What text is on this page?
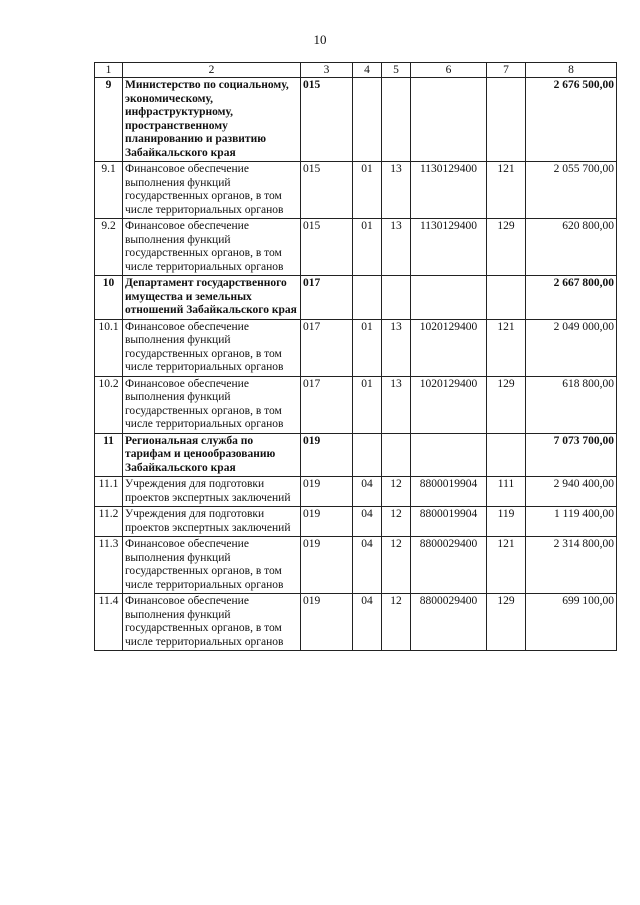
10
1	2	3	4	5	6	7	8
9	Министерство по социальному, экономическому, инфраструктурному, пространственному планированию и развитию Забайкальского края	015					2 676 500,00
9.1	Финансовое обеспечение выполнения функций государственных органов, в том числе территориальных органов	015	01	13	1130129400	121	2 055 700,00
9.2	Финансовое обеспечение выполнения функций государственных органов, в том числе территориальных органов	015	01	13	1130129400	129	620 800,00
10	Департамент государственного имущества и земельных отношений Забайкальского края	017					2 667 800,00
10.1	Финансовое обеспечение выполнения функций государственных органов, в том числе территориальных органов	017	01	13	1020129400	121	2 049 000,00
10.2	Финансовое обеспечение выполнения функций государственных органов, в том числе территориальных органов	017	01	13	1020129400	129	618 800,00
11	Региональная служба по тарифам и ценообразованию Забайкальского края	019					7 073 700,00
11.1	Учреждения для подготовки проектов экспертных заключений	019	04	12	8800019904	111	2 940 400,00
11.2	Учреждения для подготовки проектов экспертных заключений	019	04	12	8800019904	119	1 119 400,00
11.3	Финансовое обеспечение выполнения функций государственных органов, в том числе территориальных органов	019	04	12	8800029400	121	2 314 800,00
11.4	Финансовое обеспечение выполнения функций государственных органов, в том числе территориальных органов	019	04	12	8800029400	129	699 100,00
